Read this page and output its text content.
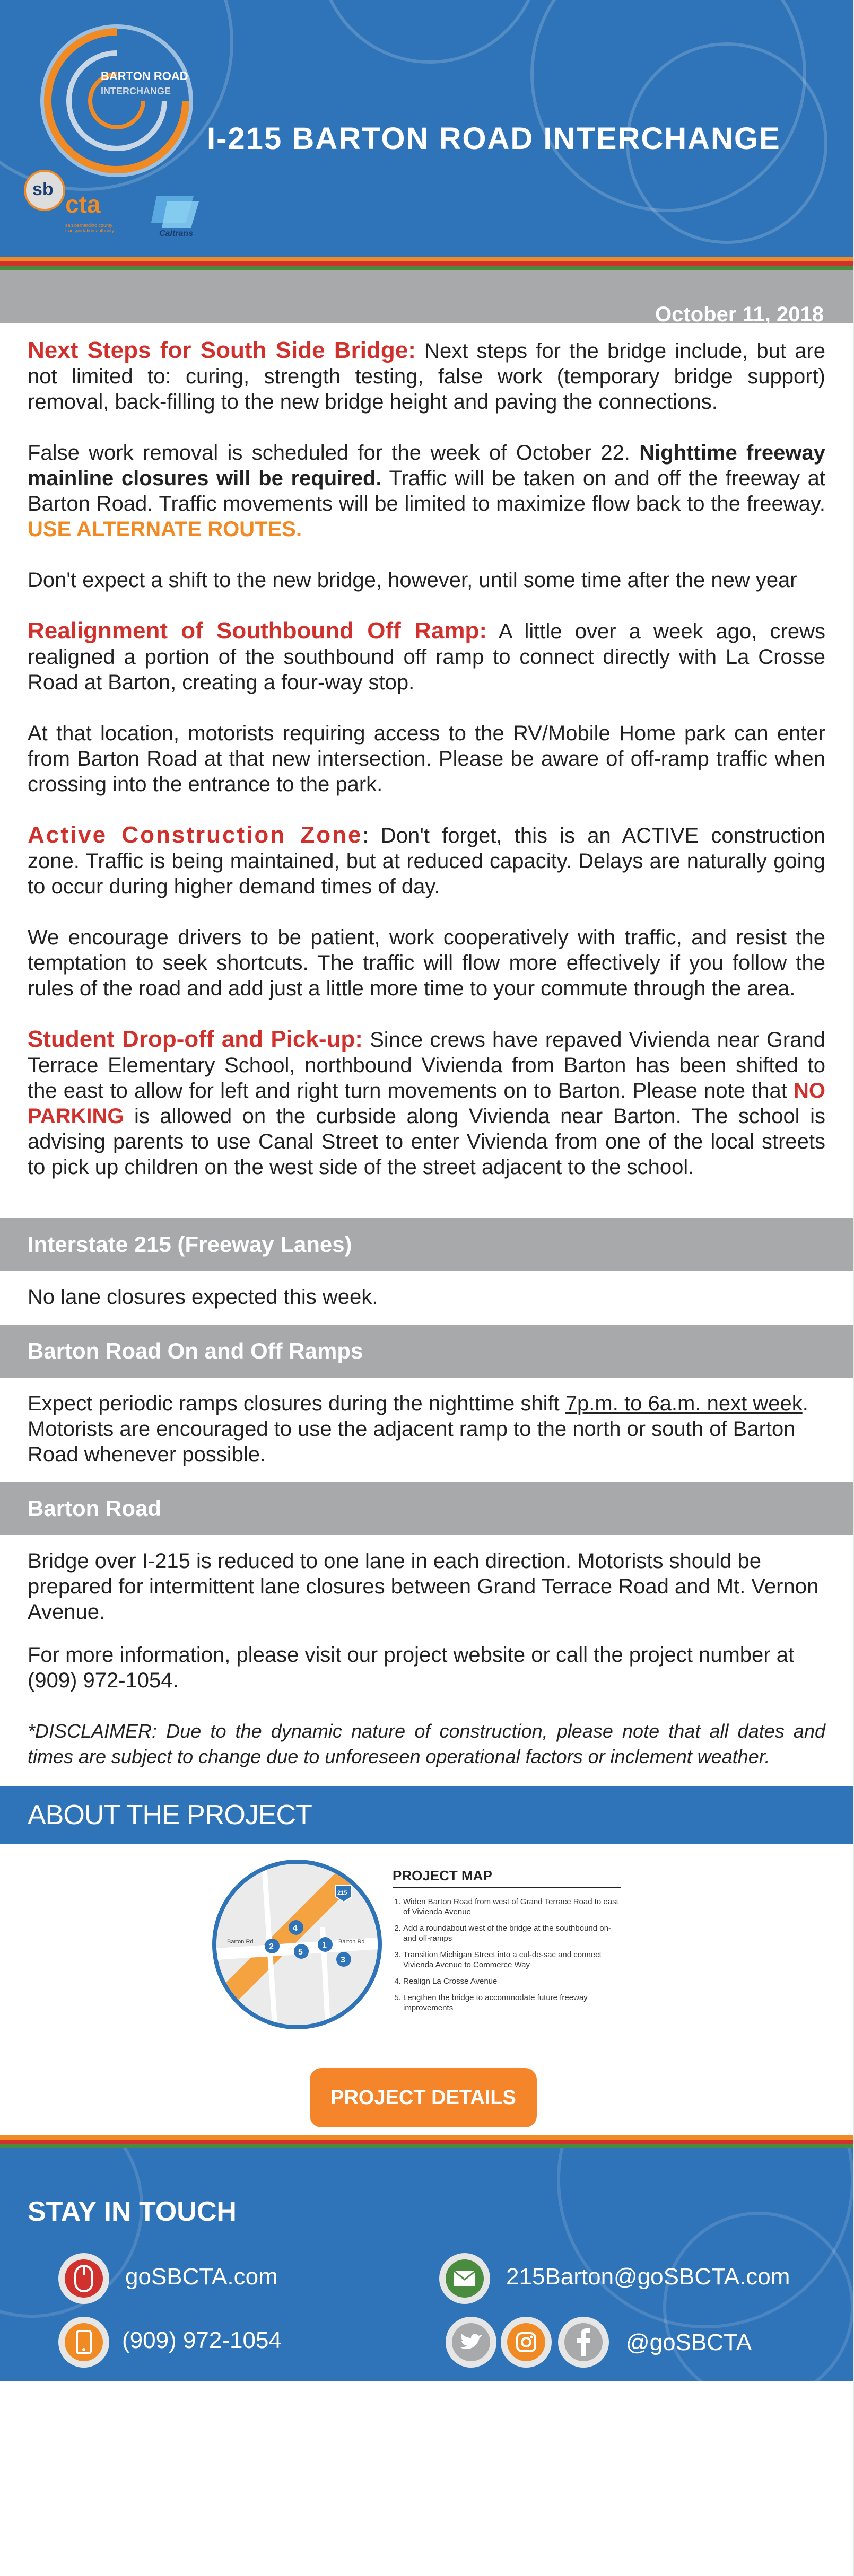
BARTON ROAD
INTERCHANGE
I-215 BARTON ROAD INTERCHANGE
sb
cta
san bernardino county transportation authority	Caltrans
October 11, 2018

Next Steps for South Side Bridge: Next steps for the bridge include, but are not limited to: curing, strength testing, false work (temporary bridge support) removal, back-filling to the new bridge height and paving the connections.

False work removal is scheduled for the week of October 22. Nighttime freeway mainline closures will be required. Traffic will be taken on and off the freeway at Barton Road. Traffic movements will be limited to maximize flow back to the freeway. USE ALTERNATE ROUTES.

Don't expect a shift to the new bridge, however, until some time after the new year

Realignment of Southbound Off Ramp: A little over a week ago, crews realigned a portion of the southbound off ramp to connect directly with La Crosse Road at Barton, creating a four-way stop.

At that location, motorists requiring access to the RV/Mobile Home park can enter from Barton Road at that new intersection. Please be aware of off-ramp traffic when crossing into the entrance to the park.

Active Construction Zone: Don't forget, this is an ACTIVE construction zone. Traffic is being maintained, but at reduced capacity. Delays are naturally going to occur during higher demand times of day.

We encourage drivers to be patient, work cooperatively with traffic, and resist the temptation to seek shortcuts. The traffic will flow more effectively if you follow the rules of the road and add just a little more time to your commute through the area.

Student Drop-off and Pick-up: Since crews have repaved Vivienda near Grand Terrace Elementary School, northbound Vivienda from Barton has been shifted to the east to allow for left and right turn movements on to Barton. Please note that NO PARKING is allowed on the curbside along Vivienda near Barton. The school is advising parents to use Canal Street to enter Vivienda from one of the local streets to pick up children on the west side of the street adjacent to the school.

Interstate 215 (Freeway Lanes)
No lane closures expected this week.
Barton Road On and Off Ramps
Expect periodic ramps closures during the nighttime shift 7p.m. to 6a.m. next week. Motorists are encouraged to use the adjacent ramp to the north or south of Barton Road whenever possible.
Barton Road
Bridge over I-215 is reduced to one lane in each direction. Motorists should be prepared for intermittent lane closures between Grand Terrace Road and Mt. Vernon Avenue.
For more information, please visit our project website or call the project number at (909) 972-1054.
*DISCLAIMER: Due to the dynamic nature of construction, please note that all dates and times are subject to change due to unforeseen operational factors or inclement weather.
ABOUT THE PROJECT
2
5
1
4
3
215
Barton Rd	Barton Rd
PROJECT MAP
1. Widen Barton Road from west of Grand Terrace Road to east of Vivienda Avenue
2. Add a roundabout west of the bridge at the southbound on- and off-ramps
3. Transition Michigan Street into a cul-de-sac and connect Vivienda Avenue to Commerce Way
4. Realign La Crosse Avenue
5. Lengthen the bridge to accommodate future freeway improvements
PROJECT DETAILS
STAY IN TOUCH
goSBCTA.com	215Barton@goSBCTA.com
(909) 972-1054	@goSBCTA
